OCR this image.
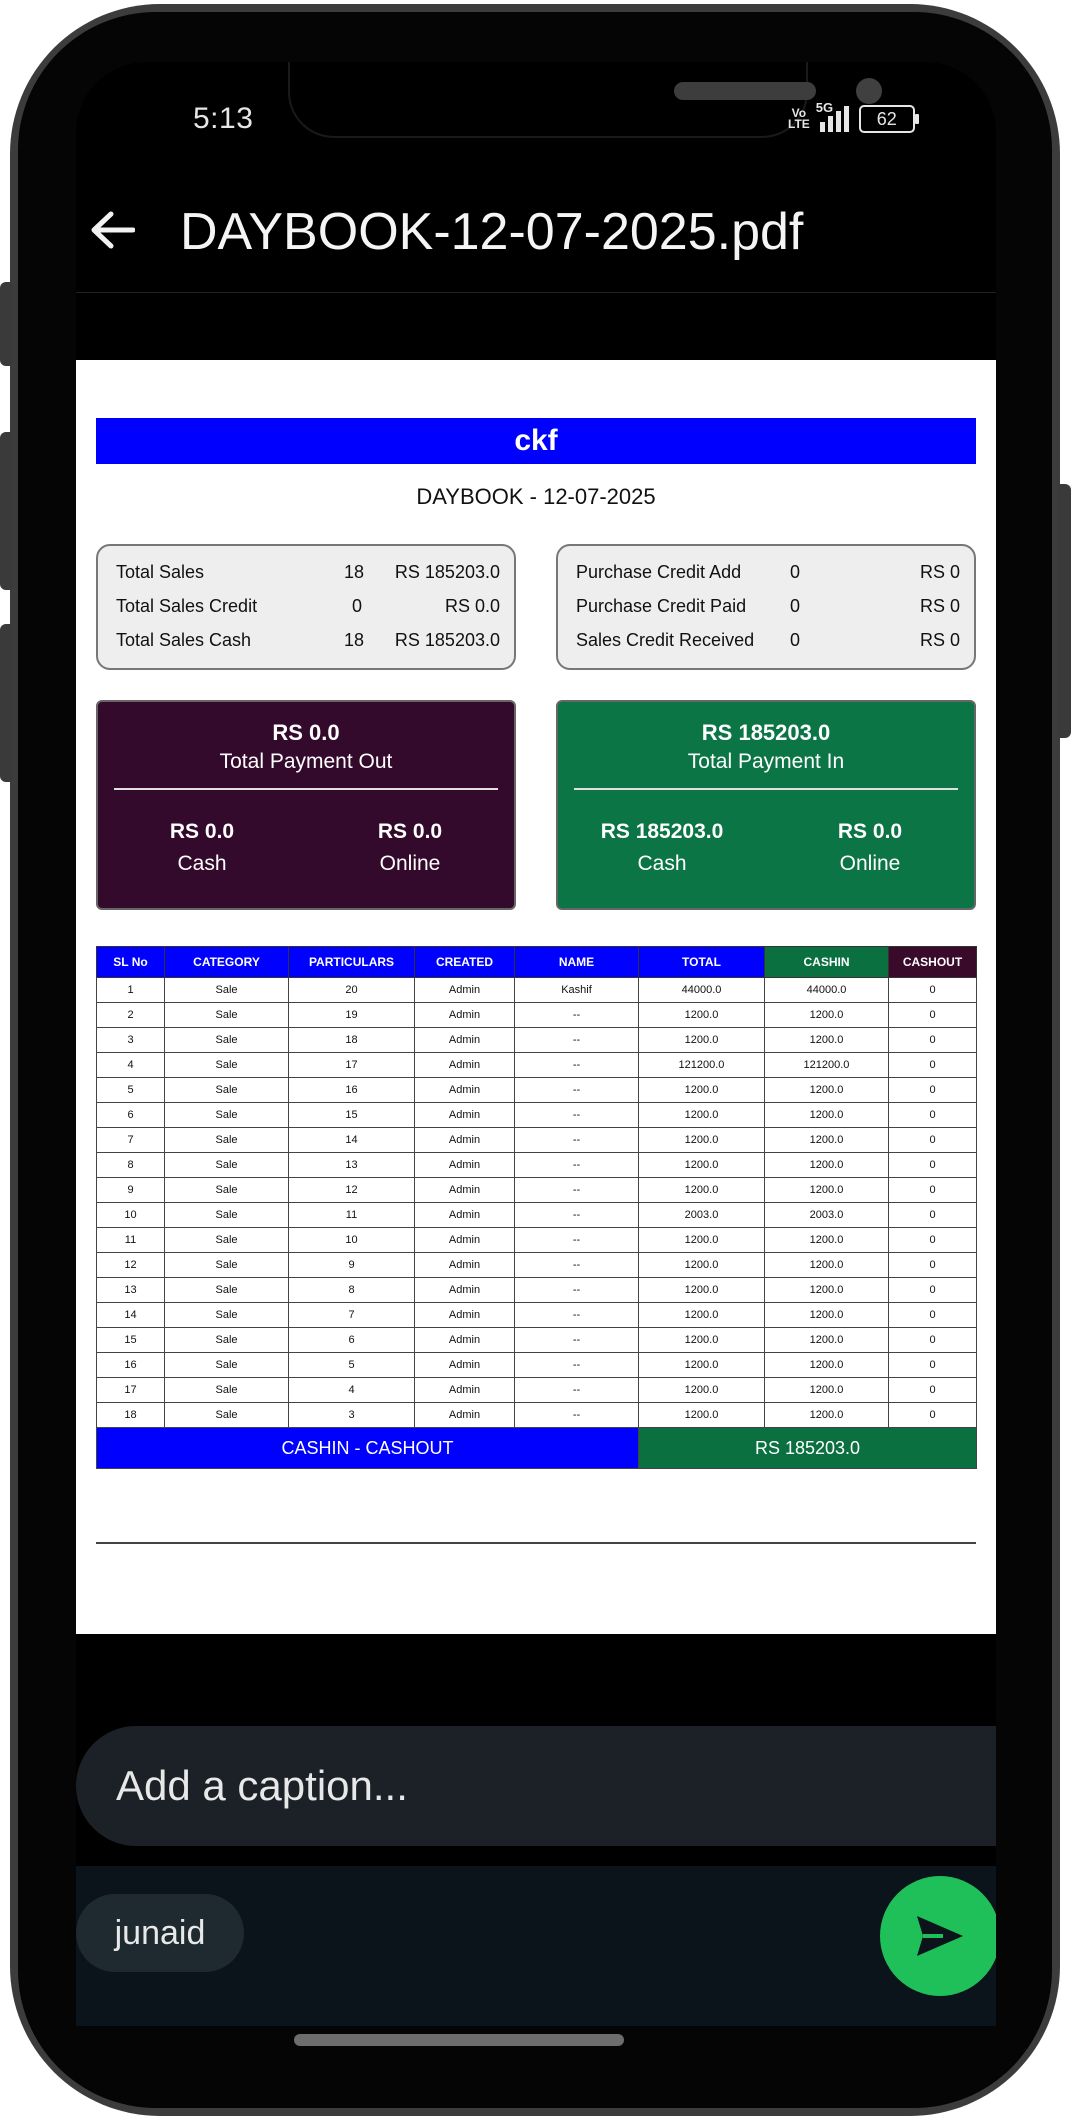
5:13	Vo
LTE
5G
62
DAYBOOK-12-07-2025.pdf
ckf
DAYBOOK - 12-07-2025
Total Sales	18 RS 185203.0
Total Sales Credit	0	RS 0.0
Total Sales Cash	18 RS 185203.0
Purchase Credit Add	0	RS 0
Purchase Credit Paid 0	RS 0
Sales Credit Received 0	RS 0
RS 0.0
Total Payment Out
RS 0.0
Cash
RS 0.0
Online
RS 185203.0
Total Payment In
RS 185203.0
Cash
RS 0.0
Online
SL No	CATEGORY	PARTICULARS	CREATED	NAME	TOTAL	CASHIN	CASHOUT
1	Sale	20	Admin	Kashif	44000.0	44000.0	0
2	Sale	19	Admin	--	1200.0	1200.0	0
3	Sale	18	Admin	--	1200.0	1200.0	0
4	Sale	17	Admin	--	121200.0	121200.0	0
5	Sale	16	Admin	--	1200.0	1200.0	0
6	Sale	15	Admin	--	1200.0	1200.0	0
7	Sale	14	Admin	--	1200.0	1200.0	0
8	Sale	13	Admin	--	1200.0	1200.0	0
9	Sale	12	Admin	--	1200.0	1200.0	0
10	Sale	11	Admin	--	2003.0	2003.0	0
11	Sale	10	Admin	--	1200.0	1200.0	0
12	Sale	9	Admin	--	1200.0	1200.0	0
13	Sale	8	Admin	--	1200.0	1200.0	0
14	Sale	7	Admin	--	1200.0	1200.0	0
15	Sale	6	Admin	--	1200.0	1200.0	0
16	Sale	5	Admin	--	1200.0	1200.0	0
17	Sale	4	Admin	--	1200.0	1200.0	0
18	Sale	3	Admin	--	1200.0	1200.0	0
CASHIN - CASHOUT					RS 185203.0		
Add a caption...
junaid
